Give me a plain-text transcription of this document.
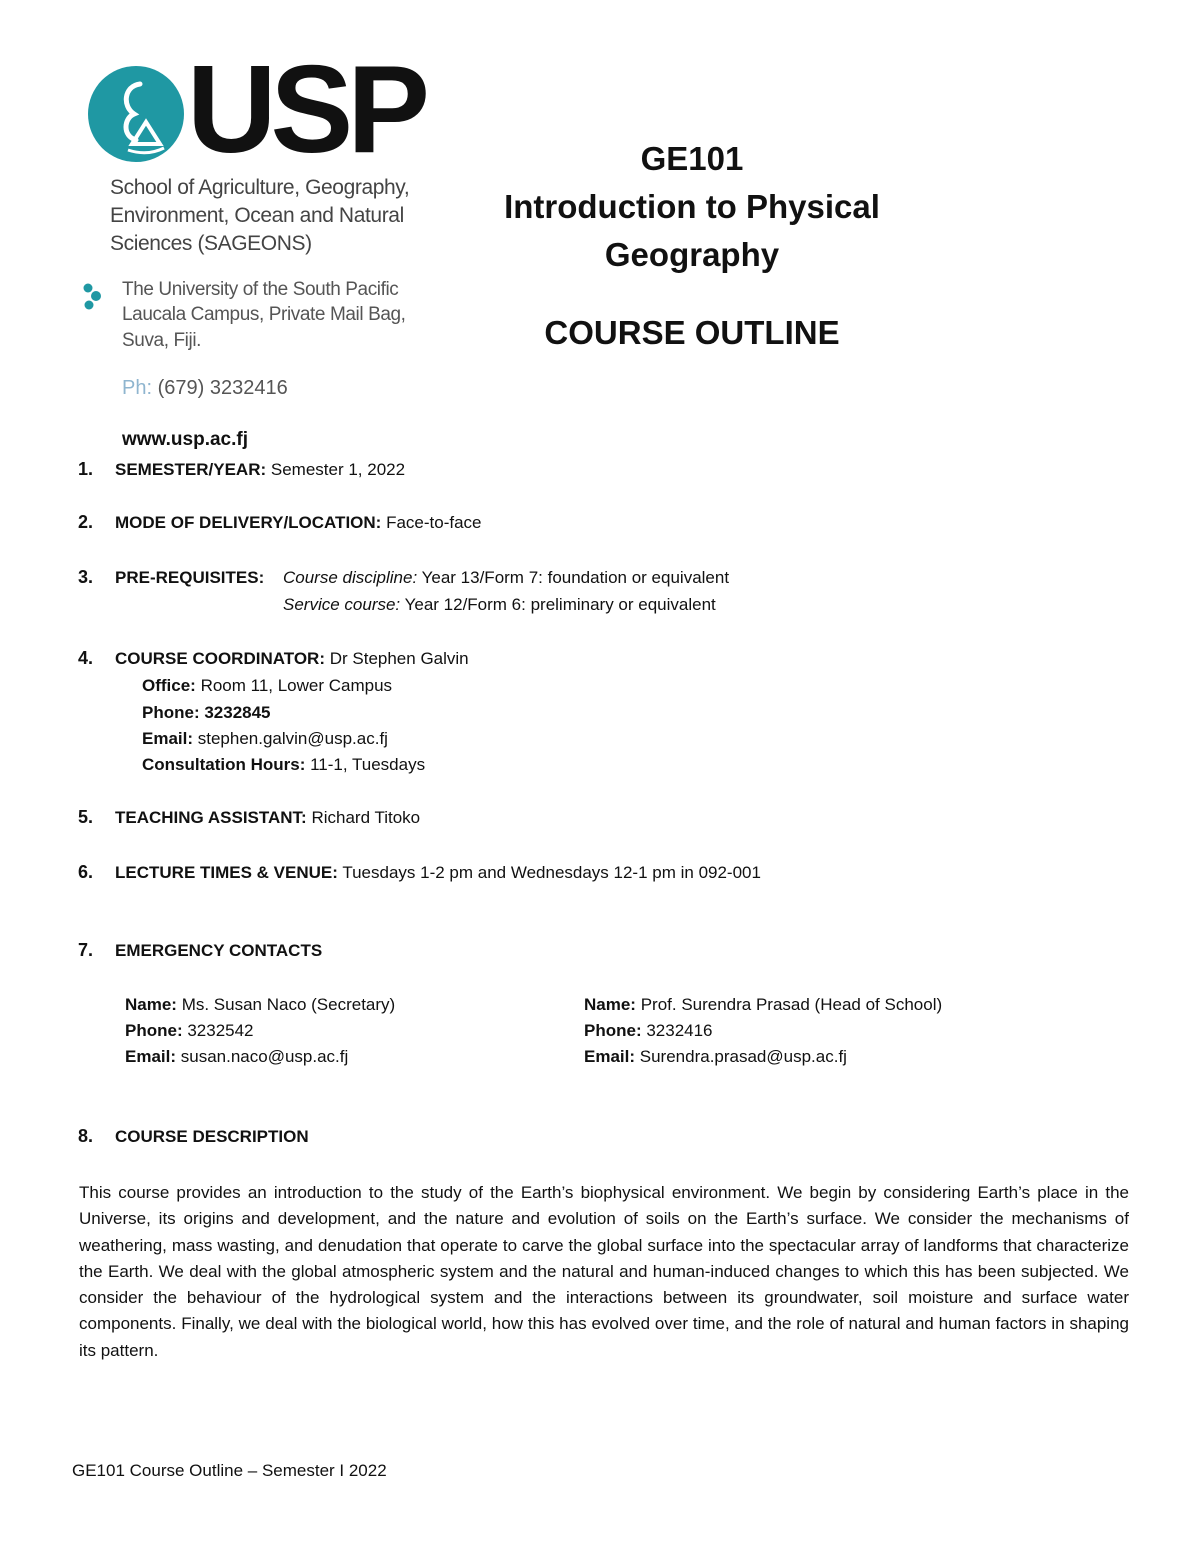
USP
School of Agriculture, Geography,
Environment, Ocean and Natural
Sciences (SAGEONS)
The University of the South Pacific
Laucala Campus, Private Mail Bag,
Suva, Fiji.
Ph: (679) 3232416
www.usp.ac.fj
GE101
Introduction to Physical
Geography
COURSE OUTLINE
1. SEMESTER/YEAR: Semester 1, 2022
2. MODE OF DELIVERY/LOCATION: Face-to-face
3. PRE-REQUISITES: Course discipline: Year 13/Form 7: foundation or equivalent
Service course: Year 12/Form 6: preliminary or equivalent
4. COURSE COORDINATOR: Dr Stephen Galvin
Office: Room 11, Lower Campus
Phone: 3232845
Email: stephen.galvin@usp.ac.fj
Consultation Hours: 11-1, Tuesdays
5. TEACHING ASSISTANT: Richard Titoko
6. LECTURE TIMES & VENUE: Tuesdays 1-2 pm and Wednesdays 12-1 pm in 092-001
7. EMERGENCY CONTACTS
Name: Ms. Susan Naco (Secretary)
Phone: 3232542
Email: susan.naco@usp.ac.fj
Name: Prof. Surendra Prasad (Head of School)
Phone: 3232416
Email: Surendra.prasad@usp.ac.fj
8. COURSE DESCRIPTION
This course provides an introduction to the study of the Earth’s biophysical environment. We begin by considering Earth’s place in the Universe, its origins and development, and the nature and evolution of soils on the Earth’s surface. We consider the mechanisms of weathering, mass wasting, and denudation that operate to carve the global surface into the spectacular array of landforms that characterize the Earth. We deal with the global atmospheric system and the natural and human-induced changes to which this has been subjected. We consider the behaviour of the hydrological system and the interactions between its groundwater, soil moisture and surface water components. Finally, we deal with the biological world, how this has evolved over time, and the role of natural and human factors in shaping its pattern.
GE101 Course Outline – Semester I 2022
